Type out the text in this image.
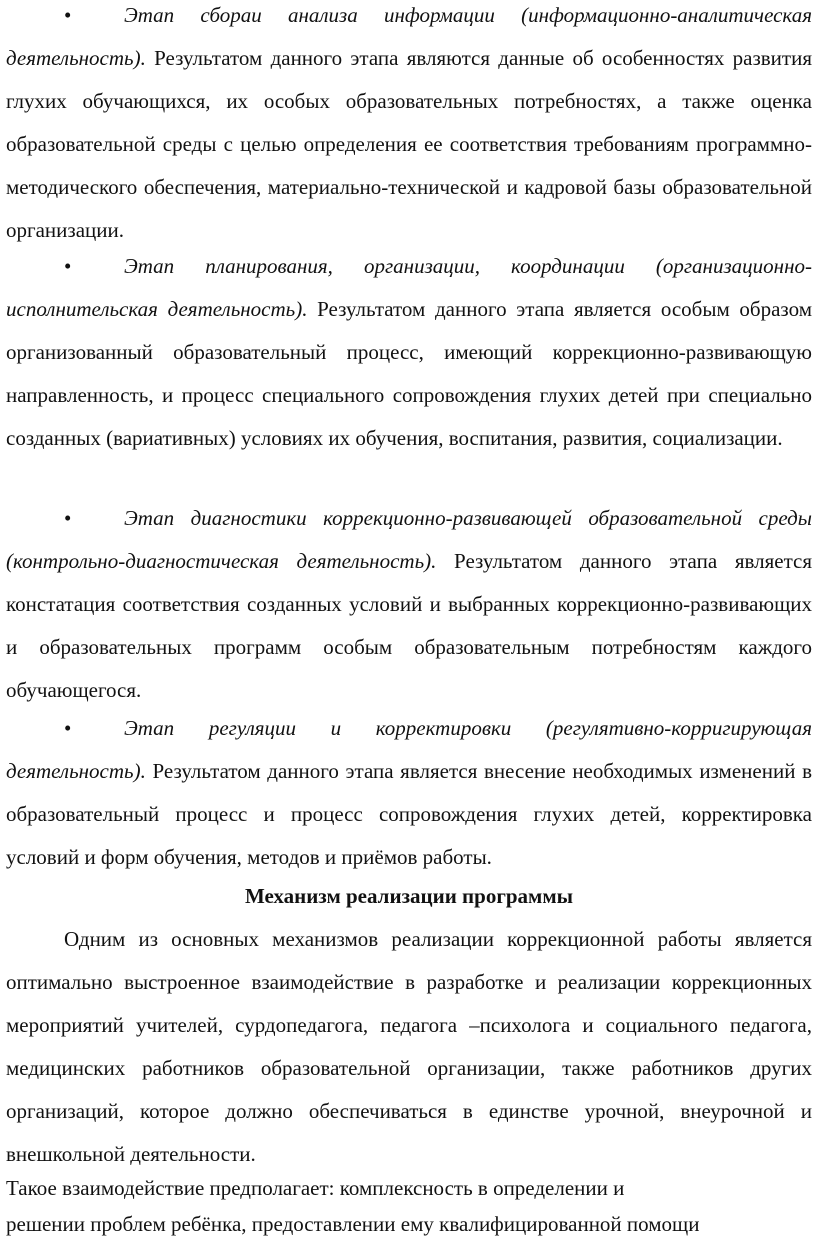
•	Этап сбораи анализа информации (информационно-аналитическая деятельность). Результатом данного этапа являются данные об особенностях развития глухих обучающихся, их особых образовательных потребностях, а также оценка образовательной среды с целью определения ее соответствия требованиям программно-методического обеспечения, материально-технической и кадровой базы образовательной организации.
•	Этап планирования, организации, координации (организационно-исполнительская деятельность). Результатом данного этапа является особым образом организованный образовательный процесс, имеющий коррекционно-развивающую направленность, и процесс специального сопровождения глухих детей при специально созданных (вариативных) условиях их обучения, воспитания, развития, социализации.
•	Этап диагностики коррекционно-развивающей образовательной среды (контрольно-диагностическая деятельность). Результатом данного этапа является констатация соответствия созданных условий и выбранных коррекционно-развивающих и образовательных программ особым образовательным потребностям каждого обучающегося.
•	Этап регуляции и корректировки (регулятивно-корригирующая деятельность). Результатом данного этапа является внесение необходимых изменений в образовательный процесс и процесс сопровождения глухих детей, корректировка условий и форм обучения, методов и приёмов работы.
Механизм реализации программы
Одним из основных механизмов реализации коррекционной работы является оптимально выстроенное взаимодействие в разработке и реализации коррекционных мероприятий учителей, сурдопедагога, педагога –психолога и социального педагога, медицинских работников образовательной организации, также работников других организаций, которое должно обеспечиваться в единстве урочной, внеурочной и внешкольной деятельности.
Такое взаимодействие предполагает: комплексность в определении и
решении проблем ребёнка, предоставлении ему квалифицированной помощи
